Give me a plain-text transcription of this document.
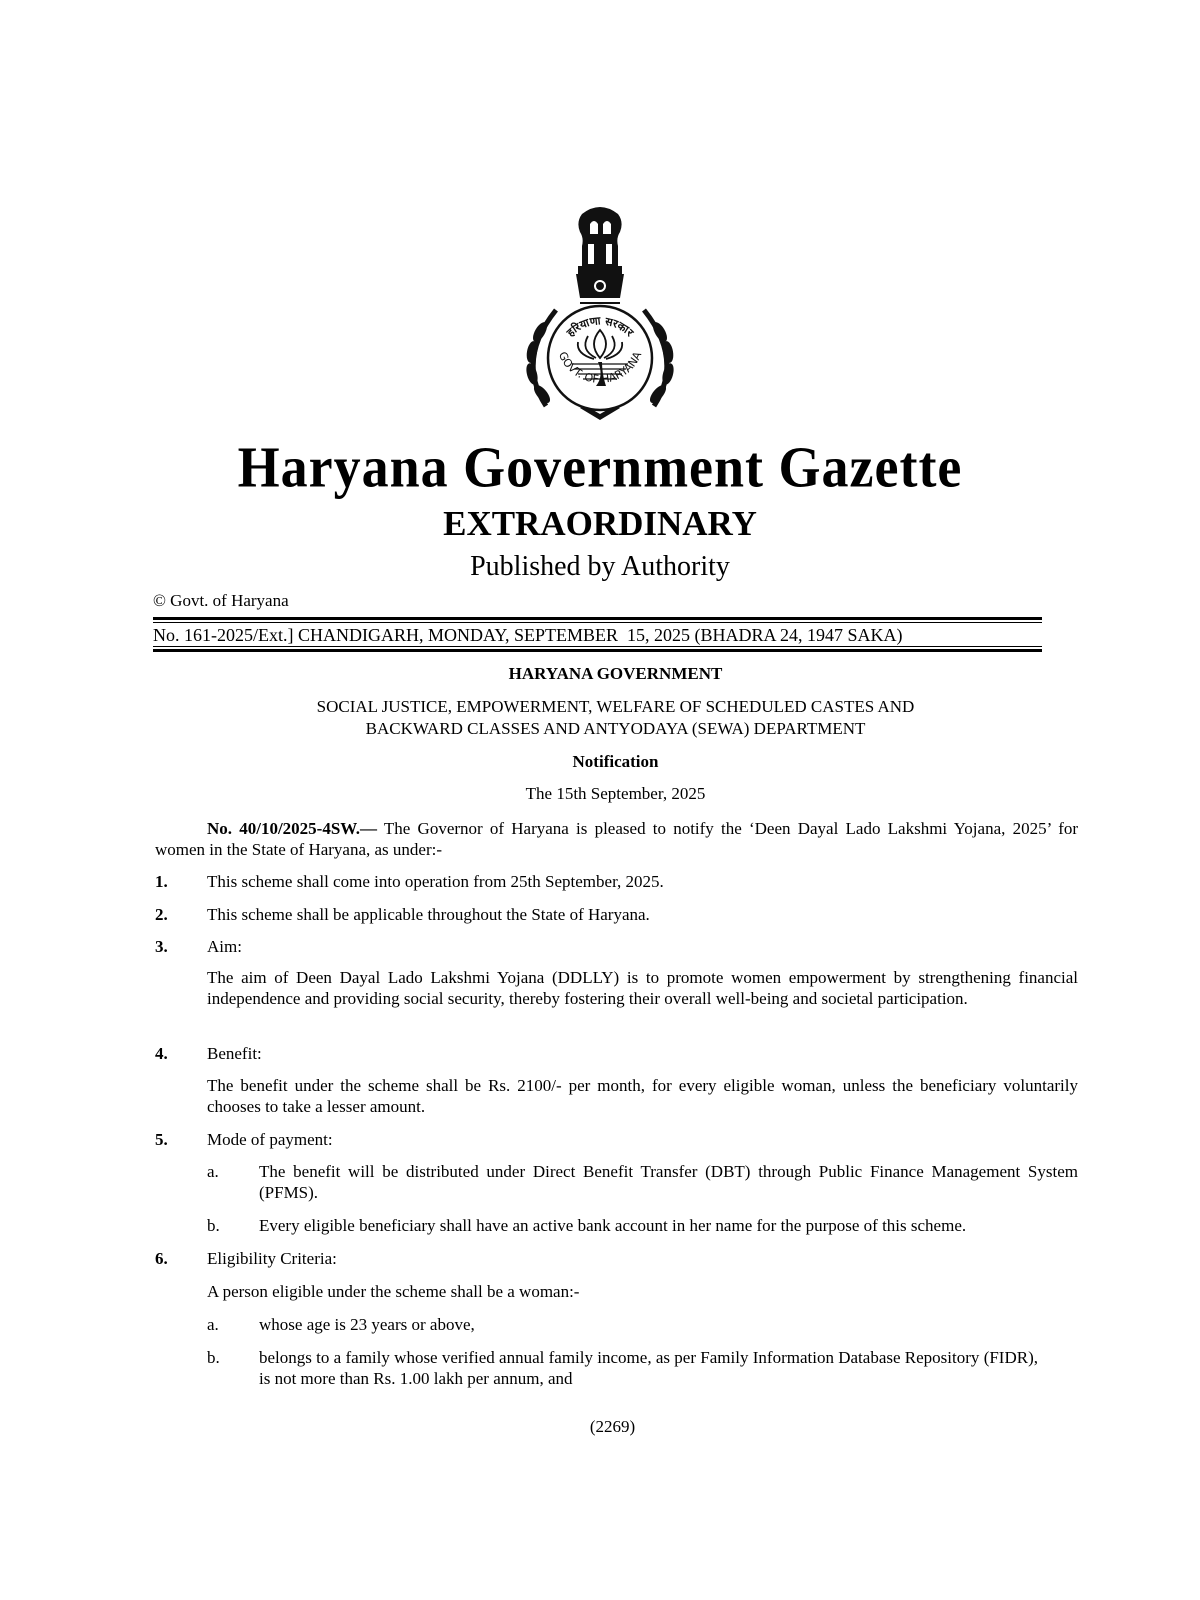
GOVT. OF HARYANA
हरियाणा सरकार
Haryana Government Gazette
EXTRAORDINARY
Published by Authority
© Govt. of Haryana
No. 161-2025/Ext.] CHANDIGARH, MONDAY, SEPTEMBER  15, 2025 (BHADRA 24, 1947 SAKA)
HARYANA GOVERNMENT
SOCIAL JUSTICE, EMPOWERMENT, WELFARE OF SCHEDULED CASTES AND
BACKWARD CLASSES AND ANTYODAYA (SEWA) DEPARTMENT
Notification
The 15th September, 2025
No. 40/10/2025-4SW.— The Governor of Haryana is pleased to notify the ‘Deen Dayal Lado Lakshmi Yojana, 2025’ for women in the State of Haryana, as under:-
1. This scheme shall come into operation from 25th September, 2025.
2. This scheme shall be applicable throughout the State of Haryana.
3. Aim:
The aim of Deen Dayal Lado Lakshmi Yojana (DDLLY) is to promote women empowerment by strengthening financial independence and providing social security, thereby fostering their overall well-being and societal participation.
4. Benefit:
The benefit under the scheme shall be Rs. 2100/- per month, for every eligible woman, unless the beneficiary voluntarily chooses to take a lesser amount.
5. Mode of payment:
a. The benefit will be distributed under Direct Benefit Transfer (DBT) through Public Finance Management System (PFMS).
b. Every eligible beneficiary shall have an active bank account in her name for the purpose of this scheme.
6. Eligibility Criteria:
A person eligible under the scheme shall be a woman:-
a. whose age is 23 years or above,
b. belongs to a family whose verified annual family income, as per Family Information Database Repository (FIDR), is not more than Rs. 1.00 lakh per annum, and
(2269)
